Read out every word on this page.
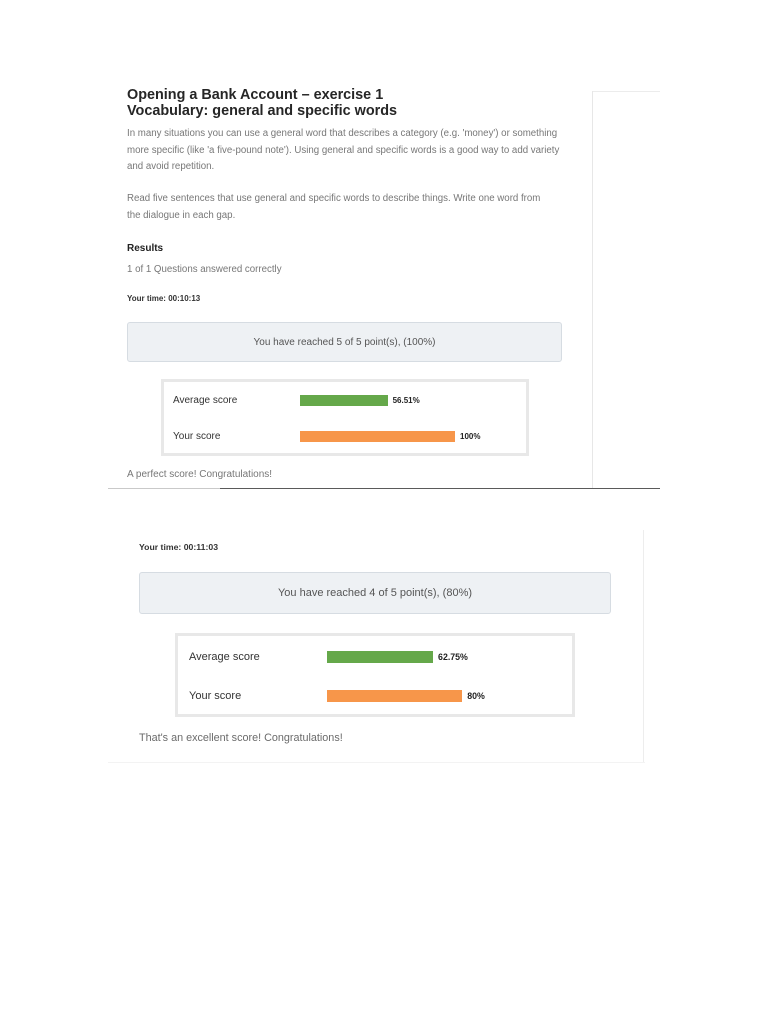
Opening a Bank Account – exercise 1
Vocabulary: general and specific words
In many situations you can use a general word that describes a category (e.g. 'money') or something
more specific (like 'a five-pound note'). Using general and specific words is a good way to add variety
and avoid repetition.
Read five sentences that use general and specific words to describe things. Write one word from
the dialogue in each gap.
Results
1 of 1 Questions answered correctly
Your time: 00:10:13
You have reached 5 of 5 point(s), (100%)
Average score	56.51%
Your score	100%
A perfect score! Congratulations!
Your time: 00:11:03
You have reached 4 of 5 point(s), (80%)
Average score	62.75%
Your score	80%
That's an excellent score! Congratulations!
